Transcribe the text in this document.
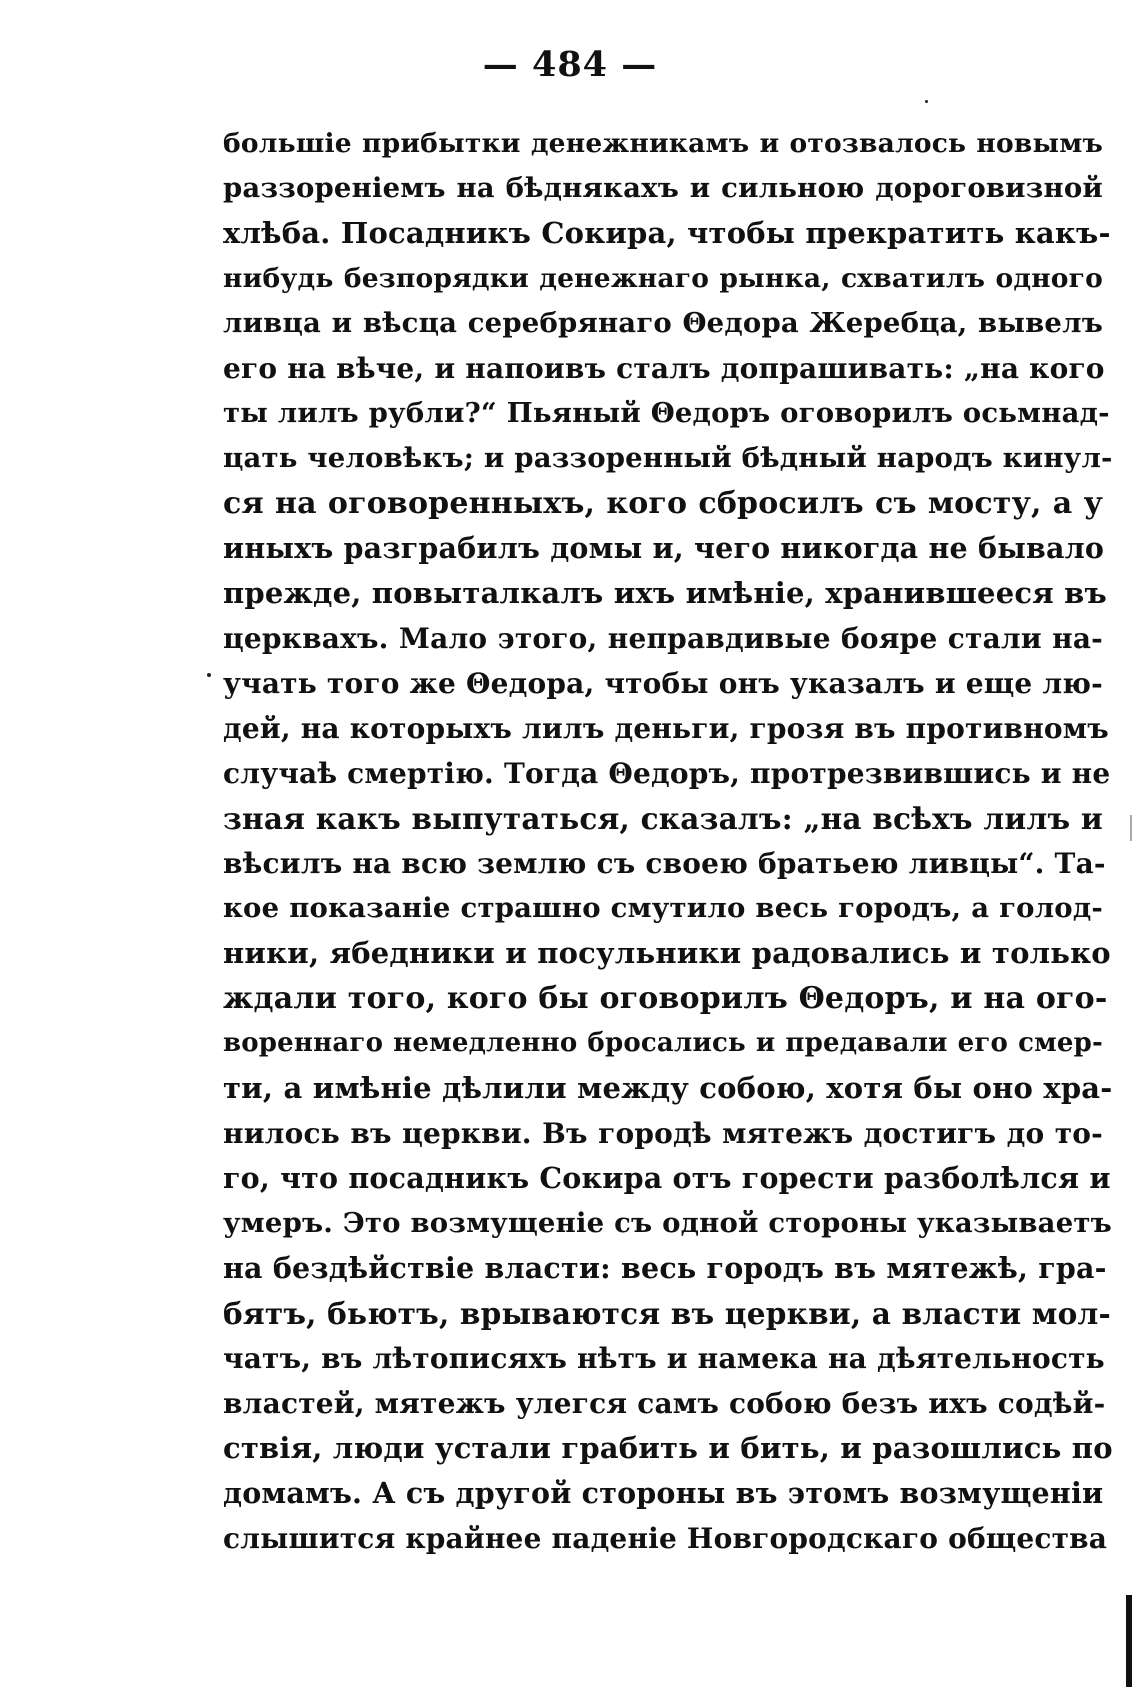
— 484 —
большіе прибытки денежникамъ и отозвалось новымъ
раззореніемъ на бѣднякахъ и сильною дороговизной
хлѣба. Посадникъ Сокира, чтобы прекратить какъ-
нибудь безпорядки денежнаго рынка, схватилъ одного
ливца и вѣсца серебрянаго Θедора Жеребца, вывелъ
его на вѣче, и напоивъ сталъ допрашивать: „на кого
ты лилъ рубли?“ Пьяный Θедоръ оговорилъ осьмнад-
цать человѣкъ; и раззоренный бѣдный народъ кинул-
ся на оговоренныхъ, кого сбросилъ съ мосту, а у
иныхъ разграбилъ домы и, чего никогда не бывало
прежде, повыталкалъ ихъ имѣніе, хранившееся въ
церквахъ. Мало этого, неправдивые бояре стали на-
учать того же Θедора, чтобы онъ указалъ и еще лю-
дей, на которыхъ лилъ деньги, грозя въ противномъ
случаѣ смертію. Тогда Θедоръ, протрезвившись и не
зная какъ выпутаться, сказалъ: „на всѣхъ лилъ и
вѣсилъ на всю землю съ своею братьею ливцы“. Та-
кое показаніе страшно смутило весь городъ, а голод-
ники, ябедники и посульники радовались и только
ждали того, кого бы оговорилъ Θедоръ, и на ого-
вореннаго немедленно бросались и предавали его смер-
ти, а имѣніе дѣлили между собою, хотя бы оно хра-
нилось въ церкви. Въ городѣ мятежъ достигъ до то-
го, что посадникъ Сокира отъ горести разболѣлся и
умеръ. Это возмущеніе съ одной стороны указываетъ
на бездѣйствіе власти: весь городъ въ мятежѣ, гра-
бятъ, бьютъ, врываются въ церкви, а власти мол-
чатъ, въ лѣтописяхъ нѣтъ и намека на дѣятельность
властей, мятежъ улегся самъ собою безъ ихъ содѣй-
ствія, люди устали грабить и бить, и разошлись по
домамъ. А съ другой стороны въ этомъ возмущеніи
слышится крайнее паденіе Новгородскаго общества
